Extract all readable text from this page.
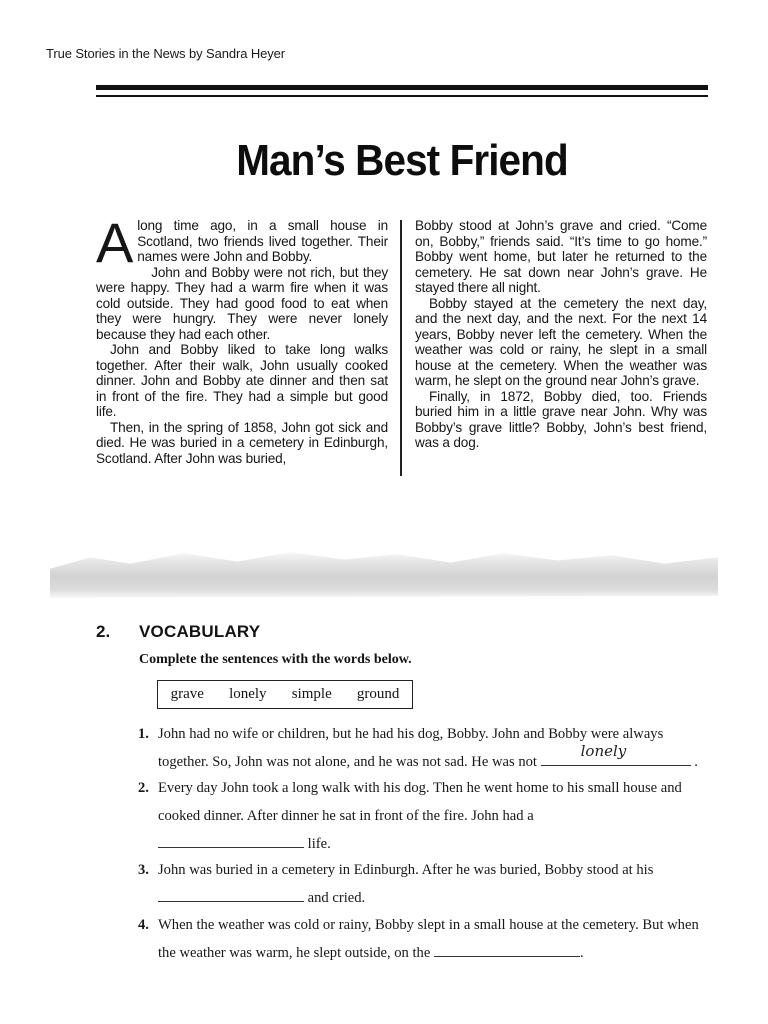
True Stories in the News by Sandra Heyer
Man’s Best Friend

Along time ago, in a small house in Scotland, two friends lived together. Their names were John and Bobby.

John and Bobby were not rich, but they were happy. They had a warm fire when it was cold outside. They had good food to eat when they were hungry. They were never lonely because they had each other.

John and Bobby liked to take long walks together. After their walk, John usually cooked dinner. John and Bobby ate dinner and then sat in front of the fire. They had a simple but good life.

Then, in the spring of 1858, John got sick and died. He was buried in a cemetery in Edinburgh, Scotland. After John was buried,

Bobby stood at John’s grave and cried. “Come on, Bobby,” friends said. “It’s time to go home.” Bobby went home, but later he returned to the cemetery. He sat down near John’s grave. He stayed there all night.

Bobby stayed at the cemetery the next day, and the next day, and the next. For the next 14 years, Bobby never left the cemetery. When the weather was cold or rainy, he slept in a small house at the cemetery. When the weather was warm, he slept on the ground near John’s grave.

Finally, in 1872, Bobby died, too. Friends buried him in a little grave near John. Why was Bobby’s grave little? Bobby, John’s best friend, was a dog.

2. VOCABULARY
Complete the sentences with the words below.
grave lonely simple ground
1. John had no wife or children, but he had his dog, Bobby. John and Bobby were always together. So, John was not alone, and he was not sad. He was not
lonely
.
2. Every day John took a long walk with his dog. Then he went home to his small house and cooked dinner. After dinner he sat in front of the fire. John had a
life.
3. John was buried in a cemetery in Edinburgh. After he was buried, Bobby stood at his
and cried.
4. When the weather was cold or rainy, Bobby slept in a small house at the cemetery. But when the weather was warm, he slept outside, on the	.
